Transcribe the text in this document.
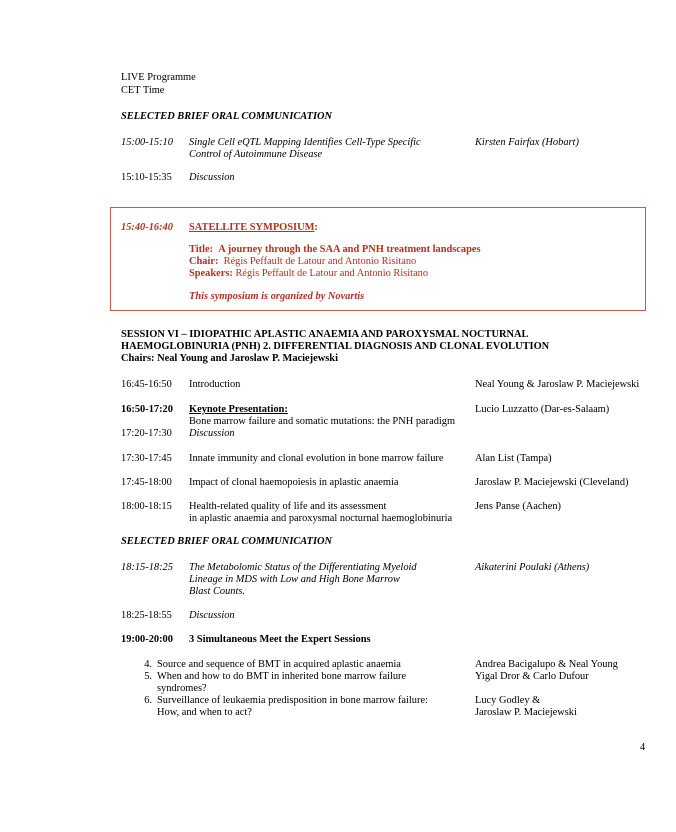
LIVE Programme
CET Time
SELECTED BRIEF ORAL COMMUNICATION
15:00-15:10 Single Cell eQTL Mapping Identifies Cell-Type Specific
Control of Autoimmune Disease
Kirsten Fairfax (Hobart)
15:10-15:35 Discussion
15:40-16:40 SATELLITE SYMPOSIUM:
Title: A journey through the SAA and PNH treatment landscapes
Chair: Régis Peffault de Latour and Antonio Risitano
Speakers: Régis Peffault de Latour and Antonio Risitano
This symposium is organized by Novartis
SESSION VI – IDIOPATHIC APLASTIC ANAEMIA AND PAROXYSMAL NOCTURNAL
HAEMOGLOBINURIA (PNH) 2. DIFFERENTIAL DIAGNOSIS AND CLONAL EVOLUTION
Chairs: Neal Young and Jaroslaw P. Maciejewski
16:45-16:50 Introduction	Neal Young & Jaroslaw P. Maciejewski
16:50-17:20 Keynote Presentation:
Bone marrow failure and somatic mutations: the PNH paradigm
Lucio Luzzatto (Dar-es-Salaam)
17:20-17:30 Discussion
17:30-17:45 Innate immunity and clonal evolution in bone marrow failure	Alan List (Tampa)
17:45-18:00 Impact of clonal haemopoiesis in aplastic anaemia	Jaroslaw P. Maciejewski (Cleveland)
18:00-18:15 Health-related quality of life and its assessment
in aplastic anaemia and paroxysmal nocturnal haemoglobinuria
Jens Panse (Aachen)
SELECTED BRIEF ORAL COMMUNICATION
18:15-18:25 The Metabolomic Status of the Differentiating Myeloid
Lineage in MDS with Low and High Bone Marrow
Blast Counts.
Aikaterini Poulaki (Athens)
18:25-18:55 Discussion
19:00-20:00 3 Simultaneous Meet the Expert Sessions
4. Source and sequence of BMT in acquired aplastic anaemia	Andrea Bacigalupo & Neal Young
5. When and how to do BMT in inherited bone marrow failure
syndromes?
Yigal Dror & Carlo Dufour
6. Surveillance of leukaemia predisposition in bone marrow failure:
How, and when to act?
Lucy Godley &
Jaroslaw P. Maciejewski
4
